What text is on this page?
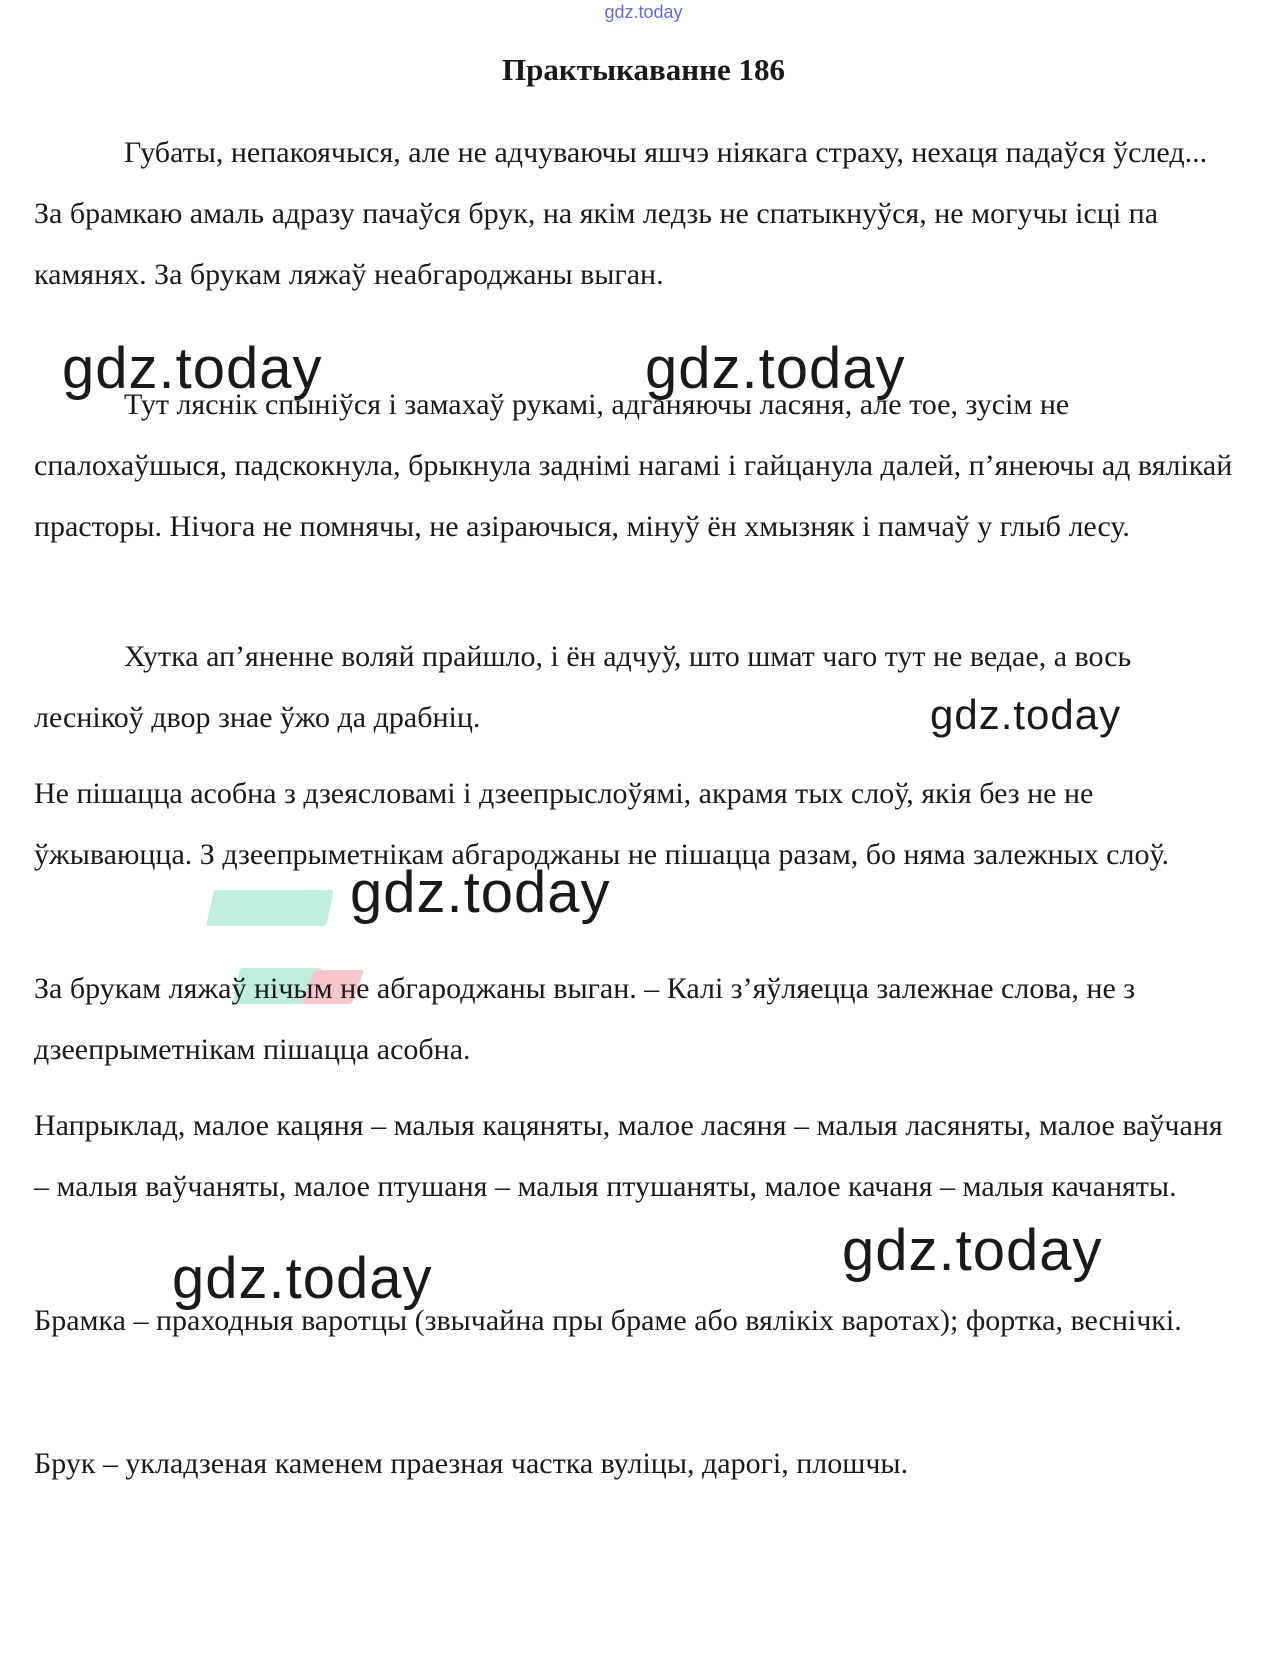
gdz.today
Практыкаванне 186

Губаты, непакоячыся, але не адчуваючы яшчэ ніякага страху, нехаця падаўся ўслед... За брамкаю амаль адразу пачаўся брук, на якім ледзь не спатыкнуўся, не могучы ісці па камянях. За брукам ляжаў неабгароджаны выган.

Тут ляснік спыніўся і замахаў рукамі, адганяючы ласяня, але тое, зусім не спалохаўшыся, падскокнула, брыкнула заднімі нагамі і гайцанула далей, п’янеючы ад вялікай прасторы. Нічога не помнячы, не азіраючыся, мінуў ён хмызняк і памчаў у глыб лесу.

Хутка ап’яненне воляй прайшло, і ён адчуў, што шмат чаго тут не ведае, а вось леснікоў двор знае ўжо да драбніц.

Не пішацца асобна з дзеясловамі і дзеепрыслоўямі, акрамя тых слоў, якія без не не ўжываюцца. З дзеепрыметнікам абгароджаны не пішацца разам, бо няма залежных слоў.

За брукам ляжаў нічым не абгароджаны выган. – Калі з’яўляецца залежнае слова, не з дзеепрыметнікам пішацца асобна.

Напрыклад, малое кацяня – малыя кацяняты, малое ласяня – малыя ласяняты, малое ваўчаня – малыя ваўчаняты, малое птушаня – малыя птушаняты, малое качаня – малыя качаняты.

Брамка – праходныя варотцы (звычайна пры браме або вялікіх варотах); фортка, веснічкі.

Брук – укладзеная каменем праезная частка вуліцы, дарогі, плошчы.

gdz.today	gdz.today
gdz.today
gdz.today
gdz.today
gdz.today
